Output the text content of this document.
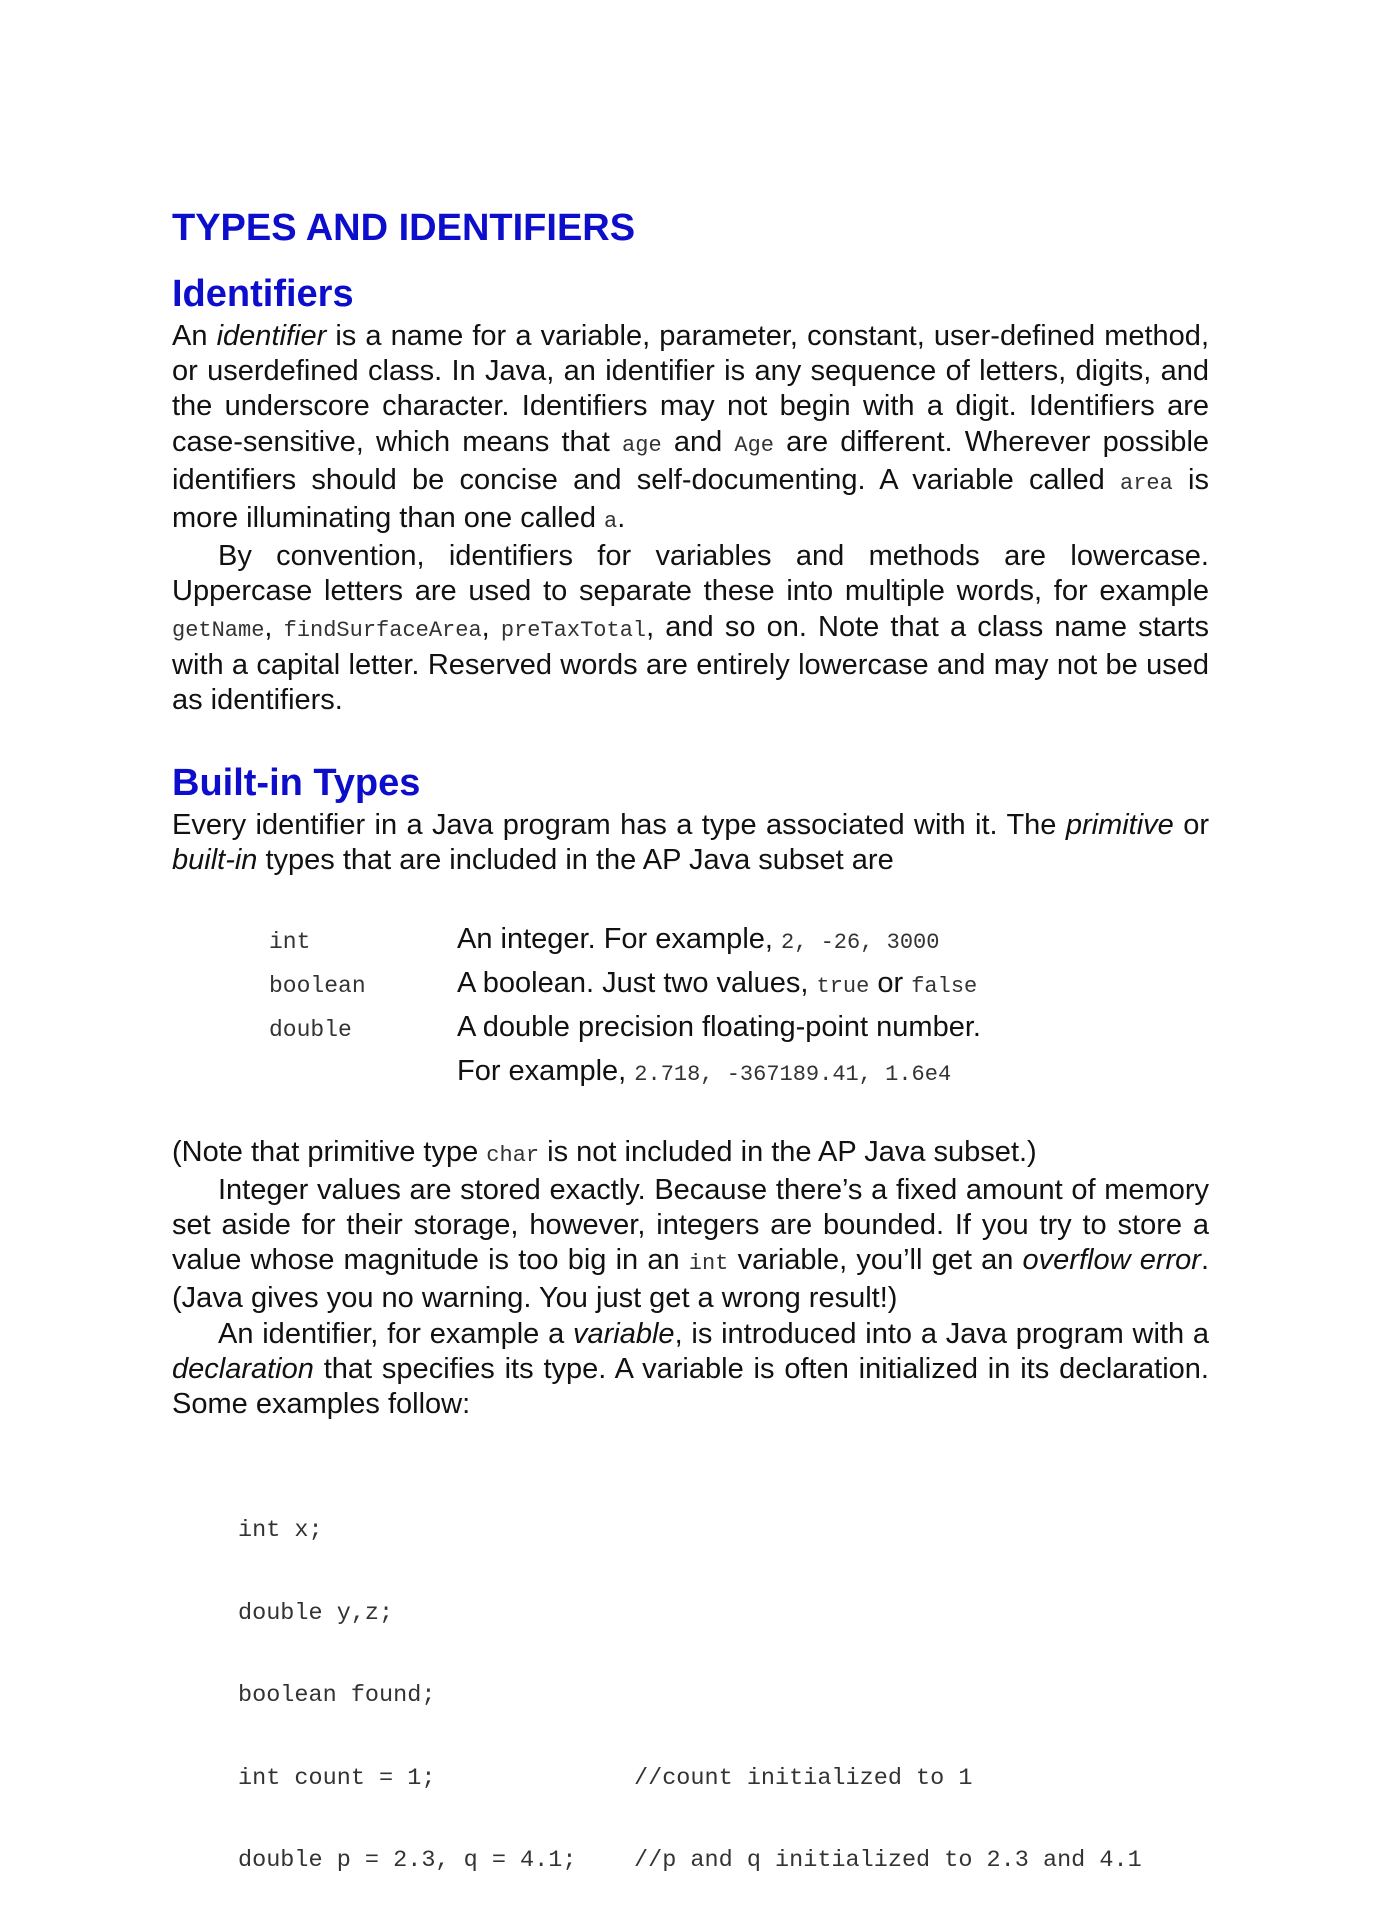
TYPES AND IDENTIFIERS
Identifiers

An identifier is a name for a variable, parameter, constant, user-defined method, or userdefined class. In Java, an identifier is any sequence of letters, digits, and the underscore character. Identifiers may not begin with a digit. Identifiers are case-sensitive, which means that age and Age are different. Wherever possible identifiers should be concise and self-documenting. A variable called area is more illuminating than one called a.

By convention, identifiers for variables and methods are lowercase. Uppercase letters are used to separate these into multiple words, for example getName, findSurfaceArea, preTaxTotal, and so on. Note that a class name starts with a capital letter. Reserved words are entirely lowercase and may not be used as identifiers.

Built-in Types

Every identifier in a Java program has a type associated with it. The primitive or built-in types that are included in the AP Java subset are

int	An integer. For example, 2, -26, 3000
boolean	A boolean. Just two values, true or false
double	A double precision floating-point number.
For example, 2.718, -367189.41, 1.6e4

(Note that primitive type char is not included in the AP Java subset.)

Integer values are stored exactly. Because there’s a fixed amount of memory set aside for their storage, however, integers are bounded. If you try to store a value whose magnitude is too big in an int variable, you’ll get an overflow error. (Java gives you no warning. You just get a wrong result!)

An identifier, for example a variable, is introduced into a Java program with a declaration that specifies its type. A variable is often initialized in its declaration. Some examples follow:

int x;

double y,z;

boolean found;

int count = 1;	//count initialized to 1

double p = 2.3, q = 4.1;	//p and q initialized to 2.3 and 4.1
